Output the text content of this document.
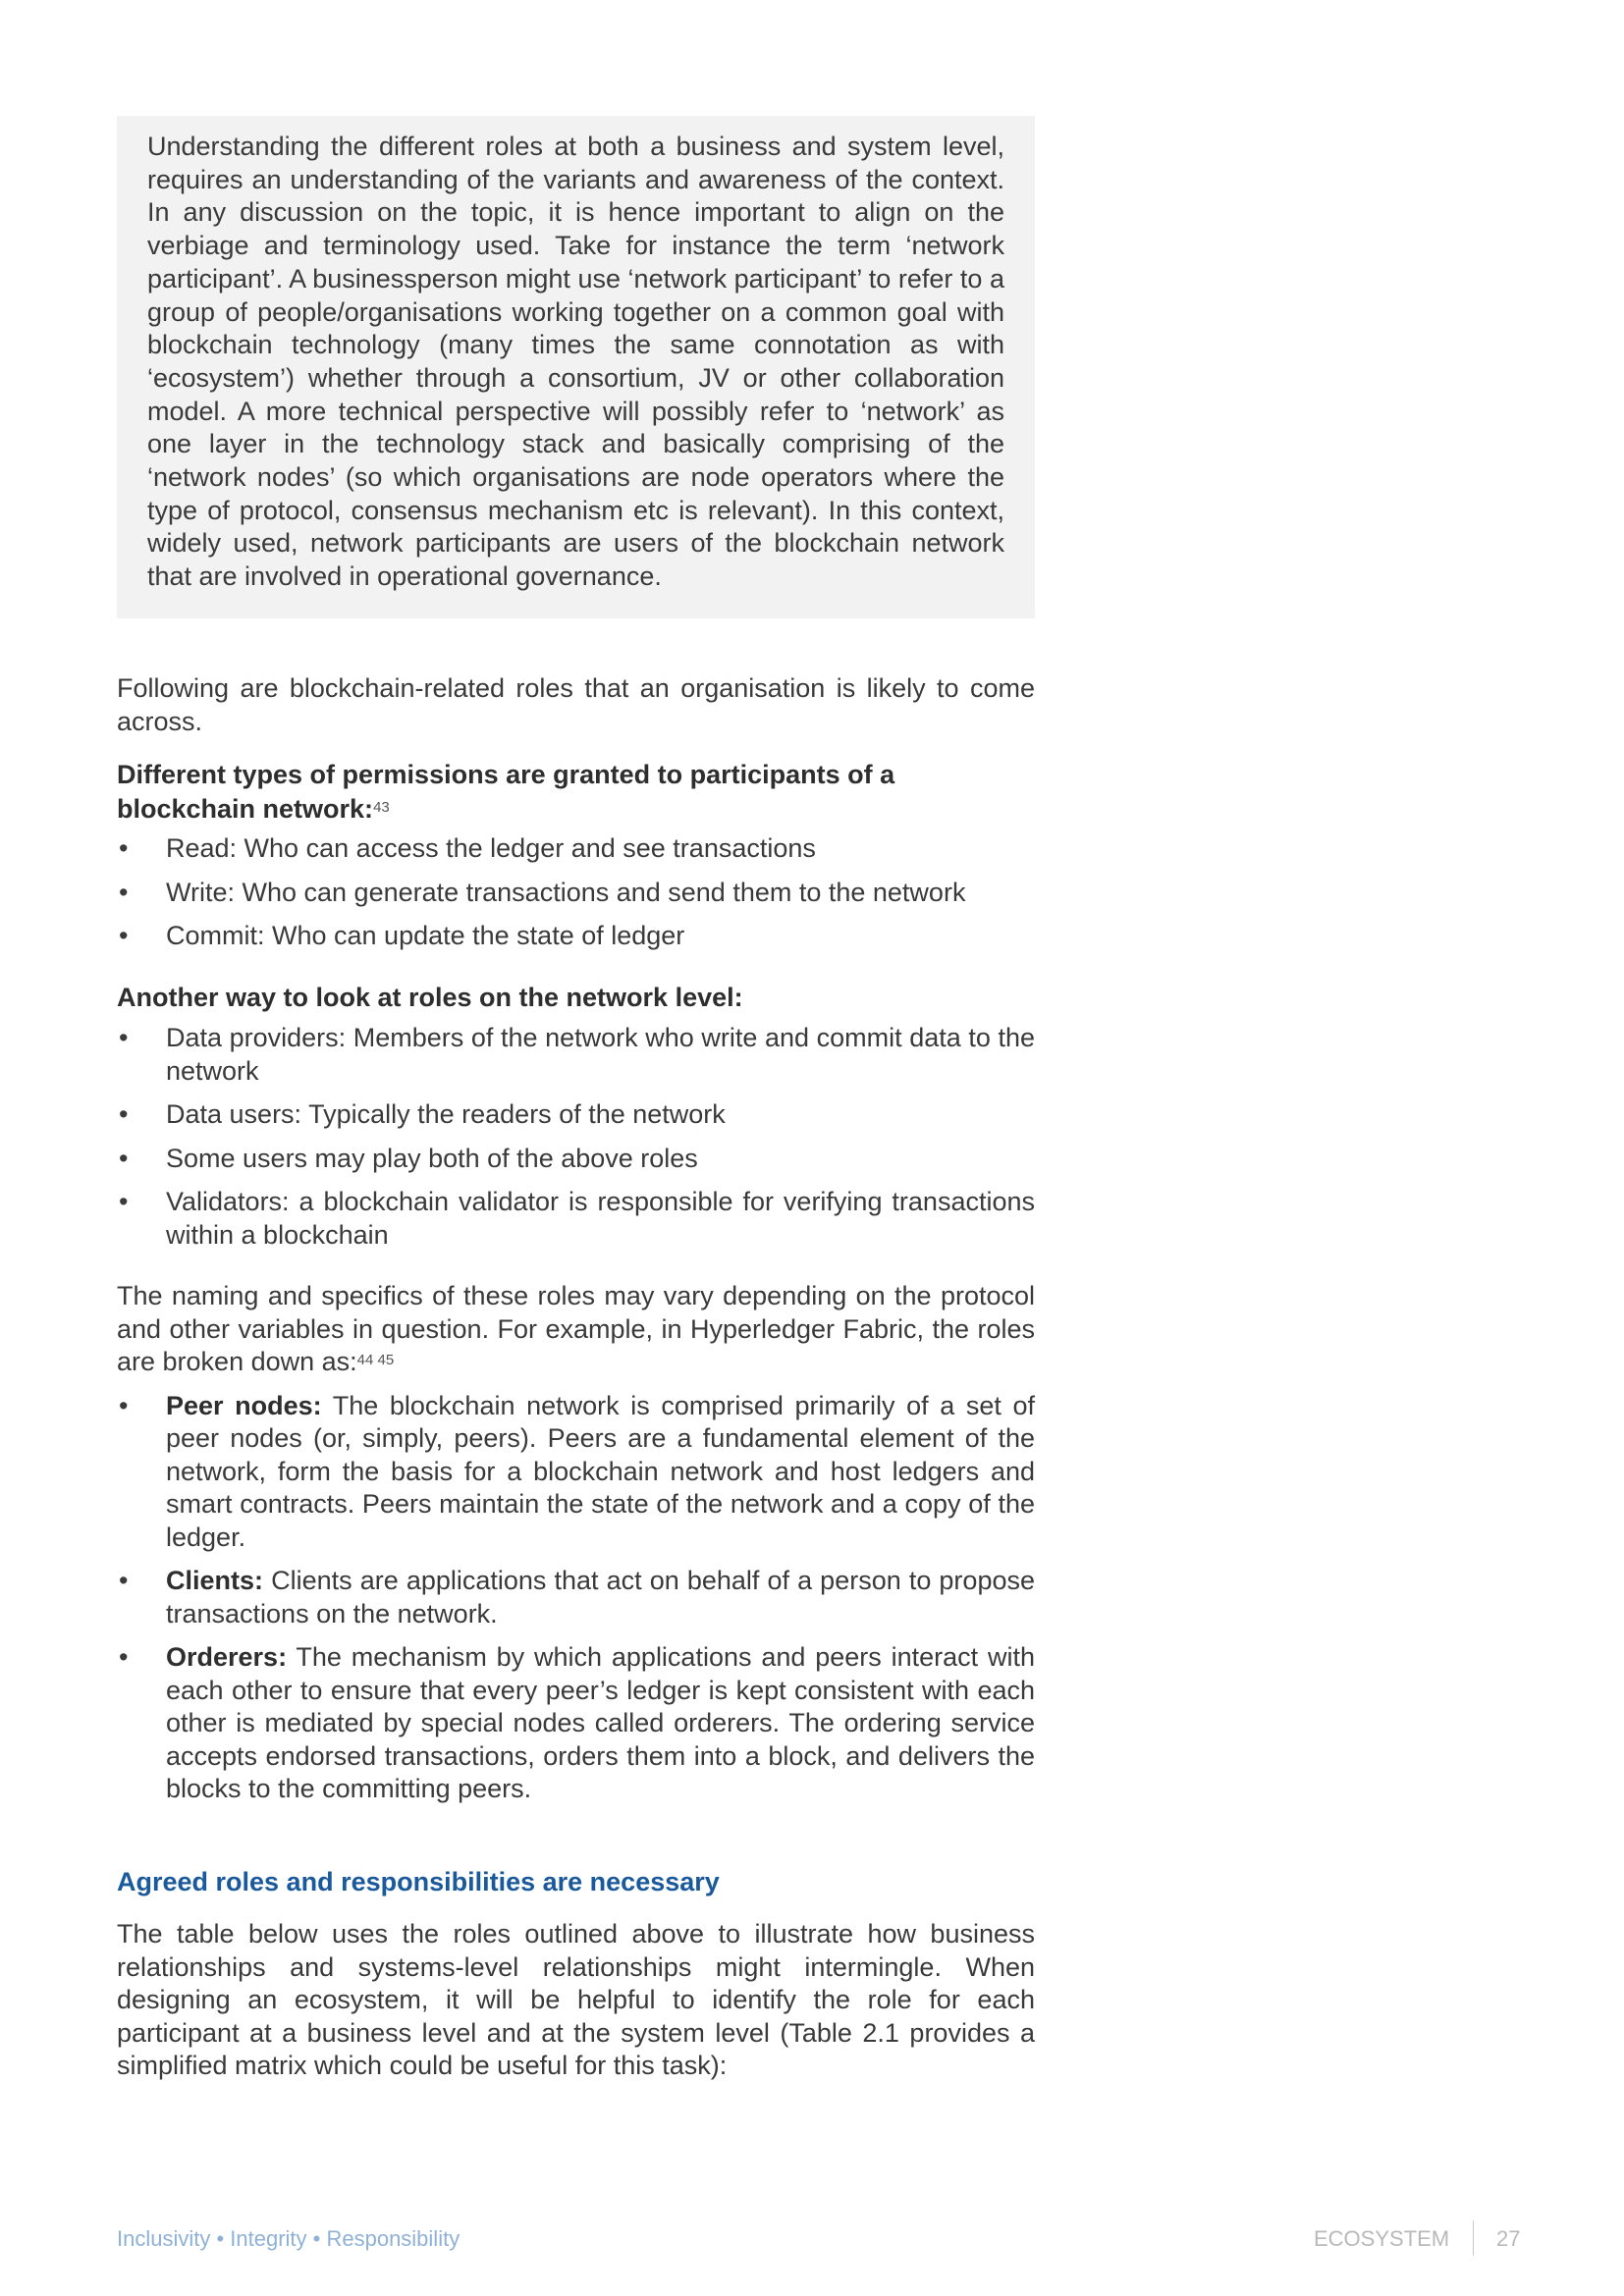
Understanding the different roles at both a business and system level, requires an understanding of the variants and awareness of the context. In any discussion on the topic, it is hence important to align on the verbiage and terminology used. Take for instance the term ‘network participant’. A businessperson might use ‘network participant’ to refer to a group of people/organisations working together on a common goal with blockchain technology (many times the same connotation as with ‘ecosystem’) whether through a consortium, JV or other collaboration model. A more technical perspective will possibly refer to ‘network’ as one layer in the technology stack and basically comprising of the ‘network nodes’ (so which organisations are node operators where the type of protocol, consensus mechanism etc is relevant). In this context, widely used, network participants are users of the blockchain network that are involved in operational governance.

Following are blockchain-related roles that an organisation is likely to come across.

Different types of permissions are granted to participants of a blockchain network:$^{43}$

• Read: Who can access the ledger and see transactions
• Write: Who can generate transactions and send them to the network
• Commit: Who can update the state of ledger

Another way to look at roles on the network level:

• Data providers: Members of the network who write and commit data to the network
• Data users: Typically the readers of the network
• Some users may play both of the above roles
• Validators: a blockchain validator is responsible for verifying transactions within a blockchain

The naming and specifics of these roles may vary depending on the protocol and other variables in question. For example, in Hyperledger Fabric, the roles are broken down as:$^{44 45}$

• Peer nodes: The blockchain network is comprised primarily of a set of peer nodes (or, simply, peers). Peers are a fundamental element of the network, form the basis for a blockchain network and host ledgers and smart contracts. Peers maintain the state of the network and a copy of the ledger.
• Clients: Clients are applications that act on behalf of a person to propose transactions on the network.
• Orderers: The mechanism by which applications and peers interact with each other to ensure that every peer’s ledger is kept consistent with each other is mediated by special nodes called orderers. The ordering service accepts endorsed transactions, orders them into a block, and delivers the blocks to the committing peers.

Agreed roles and responsibilities are necessary

The table below uses the roles outlined above to illustrate how business relationships and systems-level relationships might intermingle. When designing an ecosystem, it will be helpful to identify the role for each participant at a business level and at the system level (Table 2.1 provides a simplified matrix which could be useful for this task):

Inclusivity • Integrity • Responsibility	ECOSYSTEM 27
